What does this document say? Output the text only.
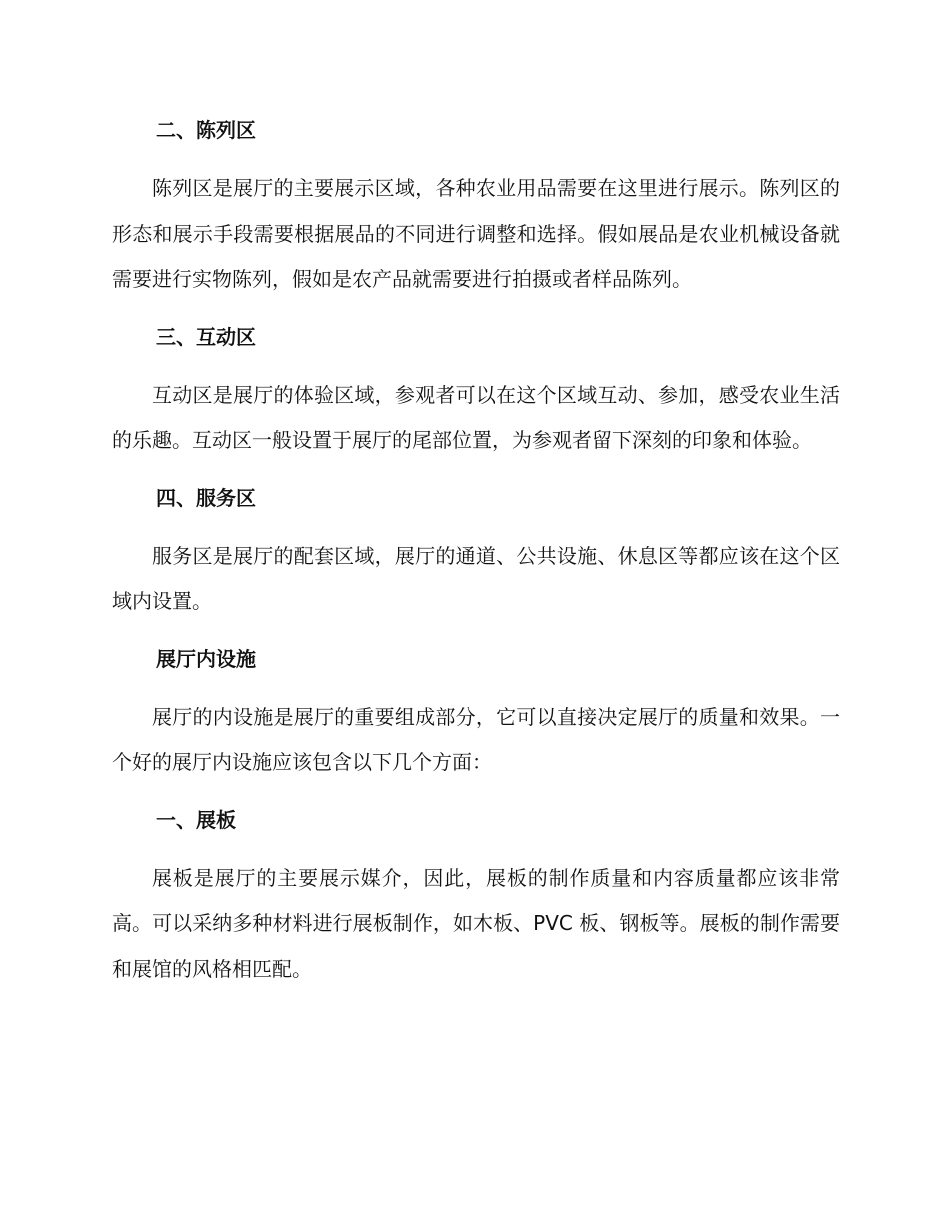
二、陈列区

陈列区是展厅的主要展示区域，各种农业用品需要在这里进行展示。陈列区的形态和展示手段需要根据展品的不同进行调整和选择。假如展品是农业机械设备就需要进行实物陈列，假如是农产品就需要进行拍摄或者样品陈列。

三、互动区

互动区是展厅的体验区域，参观者可以在这个区域互动、参加，感受农业生活的乐趣。互动区一般设置于展厅的尾部位置，为参观者留下深刻的印象和体验。

四、服务区

服务区是展厅的配套区域，展厅的通道、公共设施、休息区等都应该在这个区域内设置。

展厅内设施

展厅的内设施是展厅的重要组成部分，它可以直接决定展厅的质量和效果。一个好的展厅内设施应该包含以下几个方面：

一、展板

展板是展厅的主要展示媒介，因此，展板的制作质量和内容质量都应该非常高。可以采纳多种材料进行展板制作，如木板、PVC 板、钢板等。展板的制作需要和展馆的风格相匹配。
